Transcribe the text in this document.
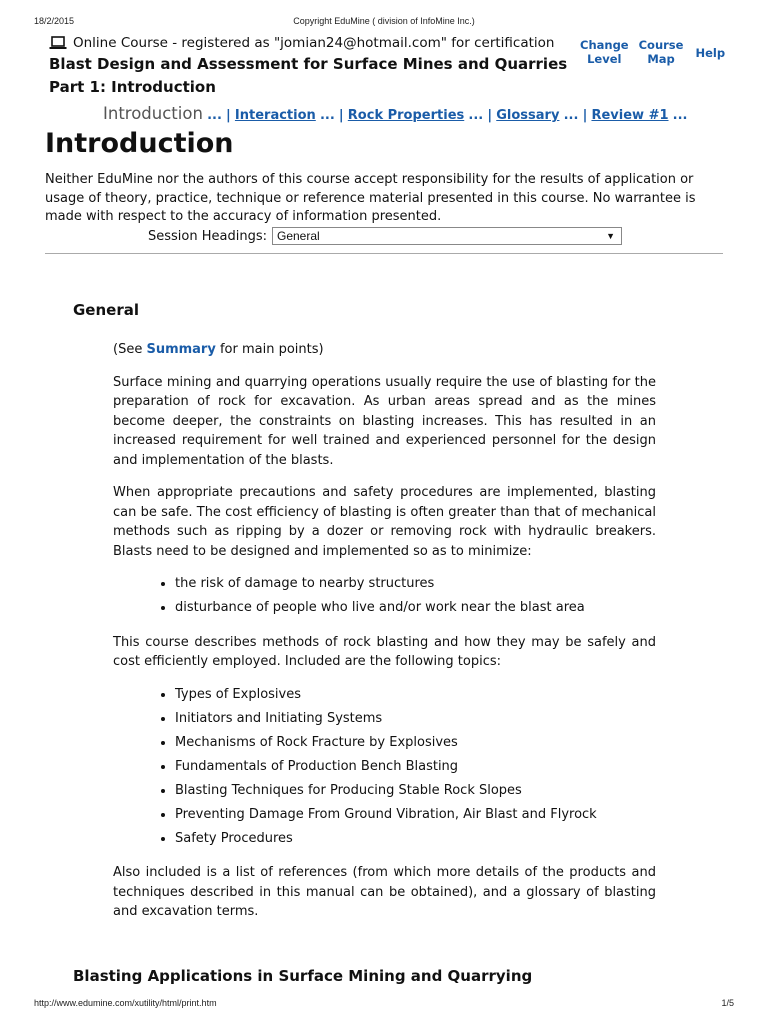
18/2/2015	Copyright EduMine ( division of InfoMine Inc.)
Online Course - registered as "jomian24@hotmail.com" for certification
Blast Design and Assessment for Surface Mines and Quarries
Part 1: Introduction
Change
Level
Course
Map	Help
Introduction ... | Interaction ... | Rock Properties ... | Glossary ... | Review #1 ...
Introduction

Neither EduMine nor the authors of this course accept responsibility for the results of application or usage of theory, practice, technique or reference material presented in this course. No warrantee is made with respect to the accuracy of information presented.

Session Headings: General	▼
General

(See Summary for main points)

Surface mining and quarrying operations usually require the use of blasting for the preparation of rock for excavation. As urban areas spread and as the mines become deeper, the constraints on blasting increases. This has resulted in an increased requirement for well trained and experienced personnel for the design and implementation of the blasts.

When appropriate precautions and safety procedures are implemented, blasting can be safe. The cost efficiency of blasting is often greater than that of mechanical methods such as ripping by a dozer or removing rock with hydraulic breakers. Blasts need to be designed and implemented so as to minimize:

• the risk of damage to nearby structures
• disturbance of people who live and/or work near the blast area

This course describes methods of rock blasting and how they may be safely and cost efficiently employed. Included are the following topics:

• Types of Explosives
• Initiators and Initiating Systems
• Mechanisms of Rock Fracture by Explosives
• Fundamentals of Production Bench Blasting
• Blasting Techniques for Producing Stable Rock Slopes
• Preventing Damage From Ground Vibration, Air Blast and Flyrock
• Safety Procedures

Also included is a list of references (from which more details of the products and techniques described in this manual can be obtained), and a glossary of blasting and excavation terms.

Blasting Applications in Surface Mining and Quarrying
http://www.edumine.com/xutility/html/print.htm	1/5
